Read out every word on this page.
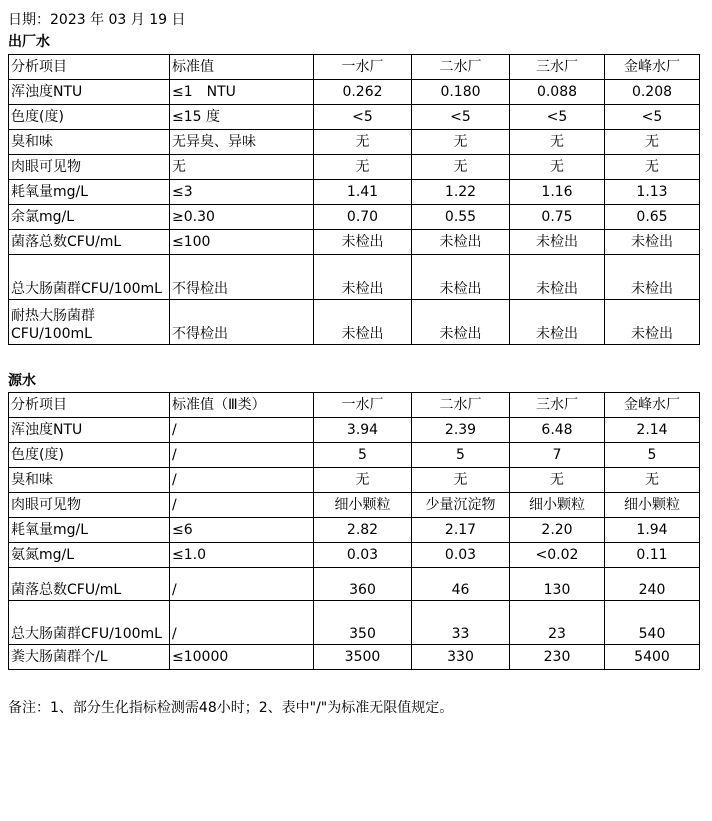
日期：2023 年 03 月 19 日
出厂水
分析项目	标准值	一水厂	二水厂	三水厂	金峰水厂
浑浊度NTU	≤1　NTU	0.262	0.180	0.088	0.208
色度(度)	≤15 度	<5	<5	<5	<5
臭和味	无异臭、异味	无	无	无	无
肉眼可见物	无	无	无	无	无
耗氧量mg/L	≤3	1.41	1.22	1.16	1.13
余氯mg/L	≥0.30	0.70	0.55	0.75	0.65
菌落总数CFU/mL	≤100	未检出	未检出	未检出	未检出
总大肠菌群CFU/100mL	不得检出	未检出	未检出	未检出	未检出
耐热大肠菌群CFU/100mL	不得检出	未检出	未检出	未检出	未检出
源水
分析项目	标准值（Ⅲ类）	一水厂	二水厂	三水厂	金峰水厂
浑浊度NTU	/	3.94	2.39	6.48	2.14
色度(度)	/	5	5	7	5
臭和味	/	无	无	无	无
肉眼可见物	/	细小颗粒	少量沉淀物	细小颗粒	细小颗粒
耗氧量mg/L	≤6	2.82	2.17	2.20	1.94
氨氮mg/L	≤1.0	0.03	0.03	<0.02	0.11
菌落总数CFU/mL	/	360	46	130	240
总大肠菌群CFU/100mL	/	350	33	23	540
粪大肠菌群个/L	≤10000	3500	330	230	5400
备注：1、部分生化指标检测需48小时；2、表中"/"为标准无限值规定。
